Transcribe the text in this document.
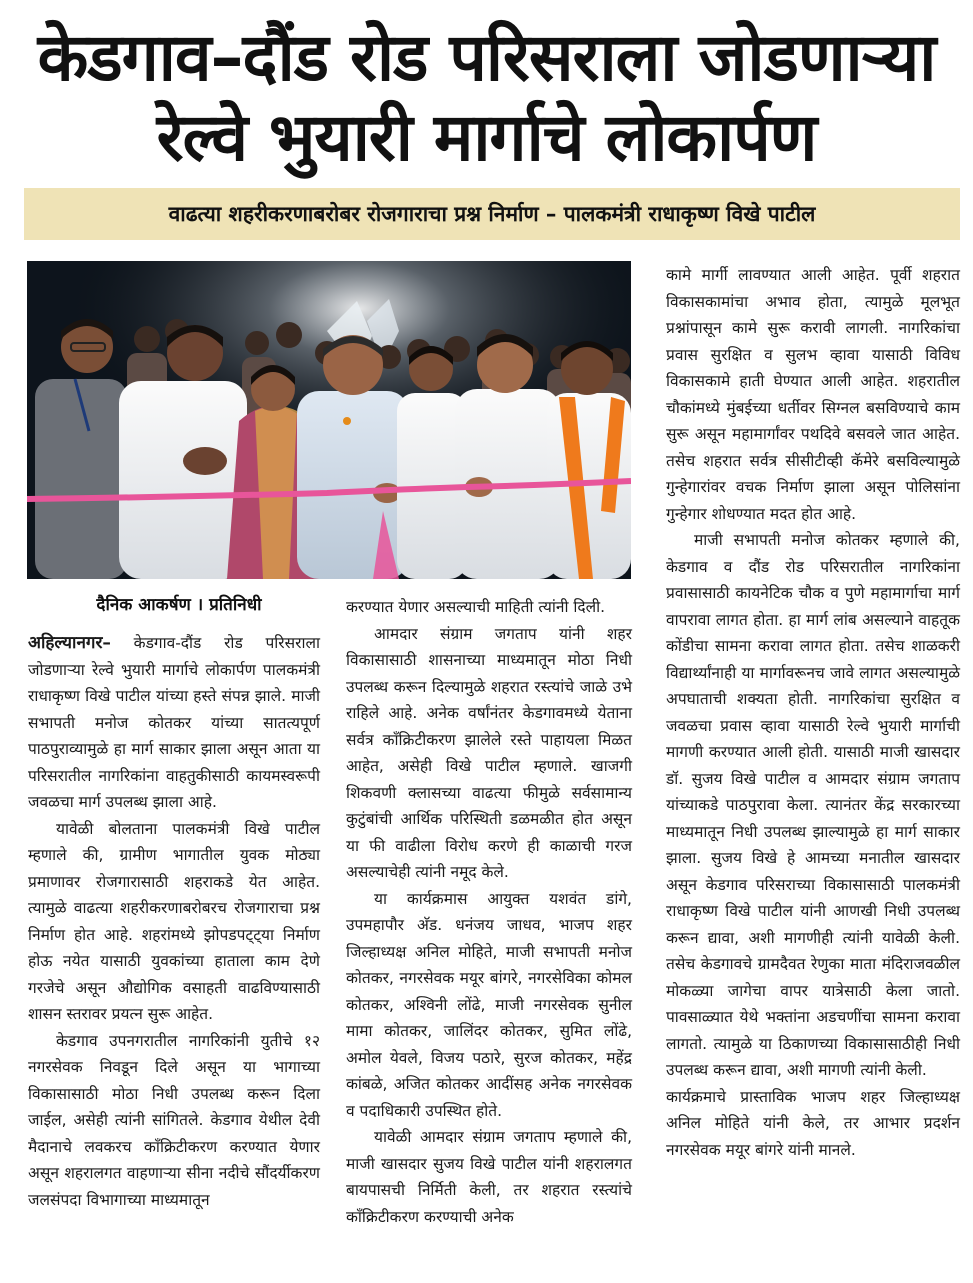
केडगाव–दौंड रोड परिसराला जोडणाऱ्या
रेल्वे भुयारी मार्गाचे लोकार्पण
वाढत्या शहरीकरणाबरोबर रोजगाराचा प्रश्न निर्माण – पालकमंत्री राधाकृष्ण विखे पाटील
दैनिक आकर्षण । प्रतिनिधी

अहिल्यानगर– केडगाव-दौंड रोड परिसराला जोडणाऱ्या रेल्वे भुयारी मार्गाचे लोकार्पण पालकमंत्री राधाकृष्ण विखे पाटील यांच्या हस्ते संपन्न झाले. माजी सभापती मनोज कोतकर यांच्या सातत्यपूर्ण पाठपुराव्यामुळे हा मार्ग साकार झाला असून आता या परिसरातील नागरिकांना वाहतुकीसाठी कायमस्वरूपी जवळचा मार्ग उपलब्ध झाला आहे.

यावेळी बोलताना पालकमंत्री विखे पाटील म्हणाले की, ग्रामीण भागातील युवक मोठ्या प्रमाणावर रोजगारासाठी शहराकडे येत आहेत. त्यामुळे वाढत्या शहरीकरणाबरोबरच रोजगाराचा प्रश्न निर्माण होत आहे. शहरांमध्ये झोपडपट्ट्या निर्माण होऊ नयेत यासाठी युवकांच्या हाताला काम देणे गरजेचे असून औद्योगिक वसाहती वाढविण्यासाठी शासन स्तरावर प्रयत्न सुरू आहेत.

केडगाव उपनगरातील नागरिकांनी युतीचे १२ नगरसेवक निवडून दिले असून या भागाच्या विकासासाठी मोठा निधी उपलब्ध करून दिला जाईल, असेही त्यांनी सांगितले. केडगाव येथील देवी मैदानाचे लवकरच काँक्रिटीकरण करण्यात येणार असून शहरालगत वाहणाऱ्या सीना नदीचे सौंदर्यीकरण जलसंपदा विभागाच्या माध्यमातून

करण्यात येणार असल्याची माहिती त्यांनी दिली.

आमदार संग्राम जगताप यांनी शहर विकासासाठी शासनाच्या माध्यमातून मोठा निधी उपलब्ध करून दिल्यामुळे शहरात रस्त्यांचे जाळे उभे राहिले आहे. अनेक वर्षांनंतर केडगावमध्ये येताना सर्वत्र काँक्रिटीकरण झालेले रस्ते पाहायला मिळत आहेत, असेही विखे पाटील म्हणाले. खाजगी शिकवणी क्लासच्या वाढत्या फीमुळे सर्वसामान्य कुटुंबांची आर्थिक परिस्थिती डळमळीत होत असून या फी वाढीला विरोध करणे ही काळाची गरज असल्याचेही त्यांनी नमूद केले.

या कार्यक्रमास आयुक्त यशवंत डांगे, उपमहापौर अ‍ॅड. धनंजय जाधव, भाजप शहर जिल्हाध्यक्ष अनिल मोहिते, माजी सभापती मनोज कोतकर, नगरसेवक मयूर बांगरे, नगरसेविका कोमल कोतकर, अश्विनी लोंढे, माजी नगरसेवक सुनील मामा कोतकर, जालिंदर कोतकर, सुमित लोंढे, अमोल येवले, विजय पठारे, सुरज कोतकर, महेंद्र कांबळे, अजित कोतकर आदींसह अनेक नगरसेवक व पदाधिकारी उपस्थित होते.

यावेळी आमदार संग्राम जगताप म्हणाले की, माजी खासदार सुजय विखे पाटील यांनी शहरालगत बायपासची निर्मिती केली, तर शहरात रस्त्यांचे काँक्रिटीकरण करण्याची अनेक

कामे मार्गी लावण्यात आली आहेत. पूर्वी शहरात विकासकामांचा अभाव होता, त्यामुळे मूलभूत प्रश्नांपासून कामे सुरू करावी लागली. नागरिकांचा प्रवास सुरक्षित व सुलभ व्हावा यासाठी विविध विकासकामे हाती घेण्यात आली आहेत. शहरातील चौकांमध्ये मुंबईच्या धर्तीवर सिग्नल बसविण्याचे काम सुरू असून महामार्गांवर पथदिवे बसवले जात आहेत. तसेच शहरात सर्वत्र सीसीटीव्ही कॅमेरे बसविल्यामुळे गुन्हेगारांवर वचक निर्माण झाला असून पोलिसांना गुन्हेगार शोधण्यात मदत होत आहे.

माजी सभापती मनोज कोतकर म्हणाले की, केडगाव व दौंड रोड परिसरातील नागरिकांना प्रवासासाठी कायनेटिक चौक व पुणे महामार्गाचा मार्ग वापरावा लागत होता. हा मार्ग लांब असल्याने वाहतूक कोंडीचा सामना करावा लागत होता. तसेच शाळकरी विद्यार्थ्यांनाही या मार्गावरूनच जावे लागत असल्यामुळे अपघाताची शक्यता होती. नागरिकांचा सुरक्षित व जवळचा प्रवास व्हावा यासाठी रेल्वे भुयारी मार्गाची मागणी करण्यात आली होती. यासाठी माजी खासदार डॉ. सुजय विखे पाटील व आमदार संग्राम जगताप यांच्याकडे पाठपुरावा केला. त्यानंतर केंद्र सरकारच्या माध्यमातून निधी उपलब्ध झाल्यामुळे हा मार्ग साकार झाला. सुजय विखे हे आमच्या मनातील खासदार असून केडगाव परिसराच्या विकासासाठी पालकमंत्री राधाकृष्ण विखे पाटील यांनी आणखी निधी उपलब्ध करून द्यावा, अशी मागणीही त्यांनी यावेळी केली. तसेच केडगावचे ग्रामदैवत रेणुका माता मंदिराजवळील मोकळ्या जागेचा वापर यात्रेसाठी केला जातो. पावसाळ्यात येथे भक्तांना अडचणींचा सामना करावा लागतो. त्यामुळे या ठिकाणच्या विकासासाठीही निधी उपलब्ध करून द्यावा, अशी मागणी त्यांनी केली.

कार्यक्रमाचे प्रास्ताविक भाजप शहर जिल्हाध्यक्ष अनिल मोहिते यांनी केले, तर आभार प्रदर्शन नगरसेवक मयूर बांगरे यांनी मानले.
